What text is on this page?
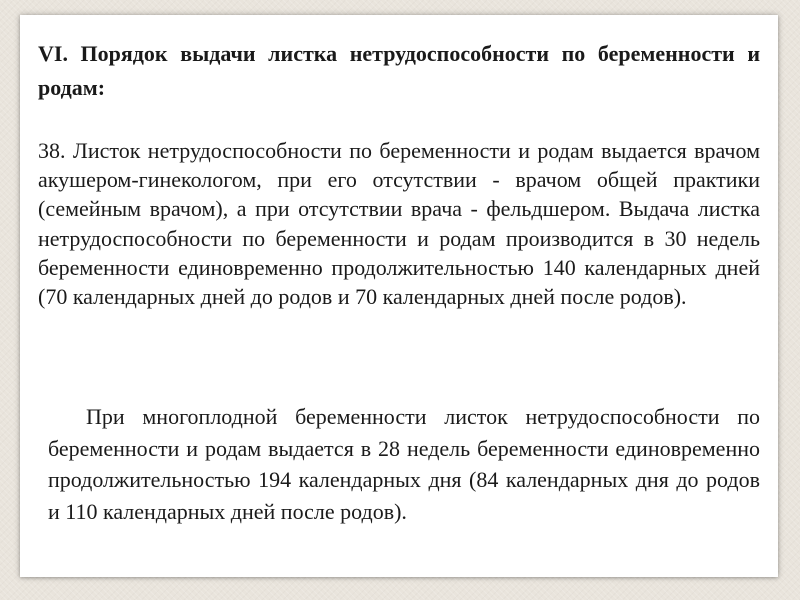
VI. Порядок выдачи листка нетрудоспособности по беременности и родам:

38. Листок нетрудоспособности по беременности и родам выдается врачом акушером-гинекологом, при его отсутствии - врачом общей практики (семейным врачом), а при отсутствии врача - фельдшером. Выдача листка нетрудоспособности по беременности и родам производится в 30 недель беременности единовременно продолжительностью 140 календарных дней (70 календарных дней до родов и 70 календарных дней после родов).

При многоплодной беременности листок нетрудоспособности по беременности и родам выдается в 28 недель беременности единовременно продолжительностью 194 календарных дня (84 календарных дня до родов и 110 календарных дней после родов).
